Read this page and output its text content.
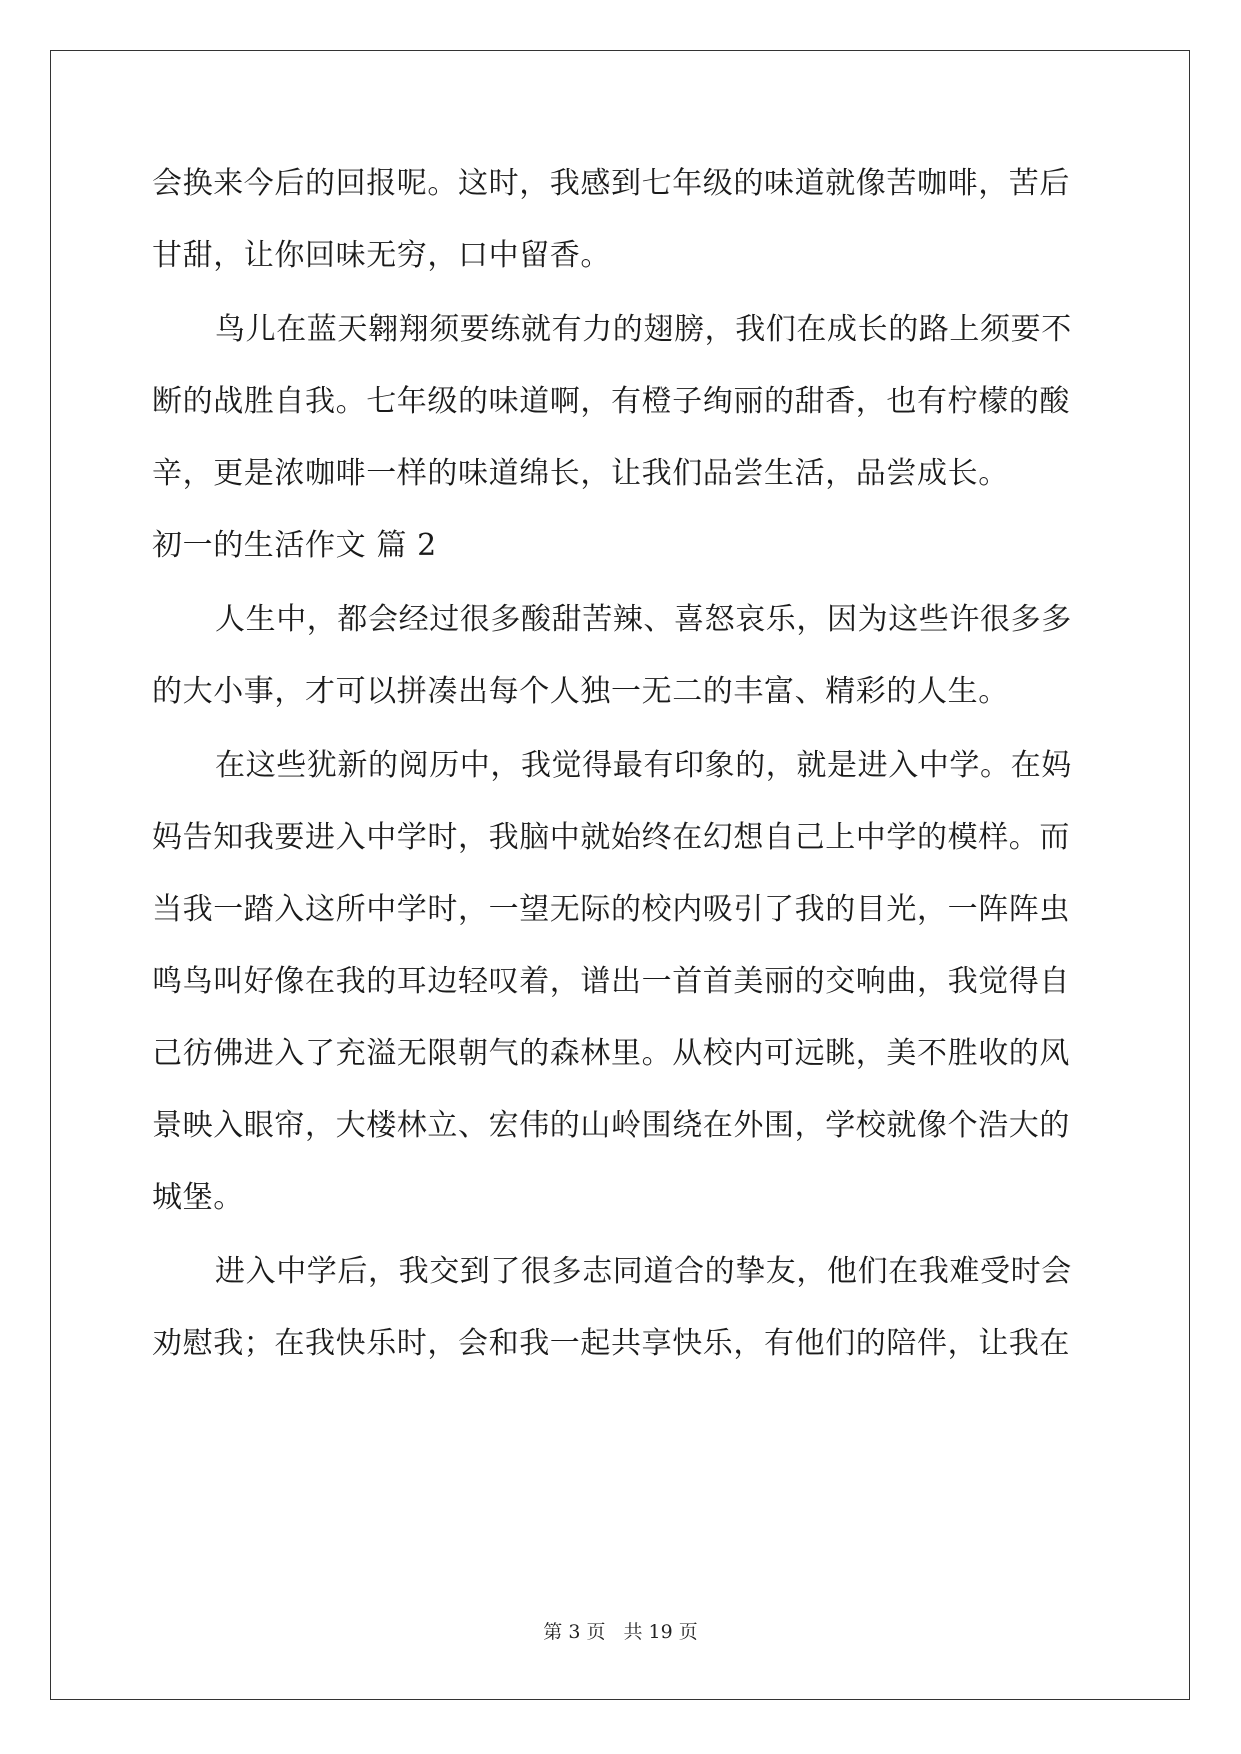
会换来今后的回报呢。这时，我感到七年级的味道就像苦咖啡，苦后
甘甜，让你回味无穷，口中留香。
鸟儿在蓝天翱翔须要练就有力的翅膀，我们在成长的路上须要不
断的战胜自我。七年级的味道啊，有橙子绚丽的甜香，也有柠檬的酸
辛，更是浓咖啡一样的味道绵长，让我们品尝生活，品尝成长。
初一的生活作文 篇 2
人生中，都会经过很多酸甜苦辣、喜怒哀乐，因为这些许很多多
的大小事，才可以拼凑出每个人独一无二的丰富、精彩的人生。
在这些犹新的阅历中，我觉得最有印象的，就是进入中学。在妈
妈告知我要进入中学时，我脑中就始终在幻想自己上中学的模样。而
当我一踏入这所中学时，一望无际的校内吸引了我的目光，一阵阵虫
鸣鸟叫好像在我的耳边轻叹着，谱出一首首美丽的交响曲，我觉得自
己彷佛进入了充溢无限朝气的森林里。从校内可远眺，美不胜收的风
景映入眼帘，大楼林立、宏伟的山岭围绕在外围，学校就像个浩大的
城堡。
进入中学后，我交到了很多志同道合的挚友，他们在我难受时会
劝慰我；在我快乐时，会和我一起共享快乐，有他们的陪伴，让我在
第 3 页 共 19 页
